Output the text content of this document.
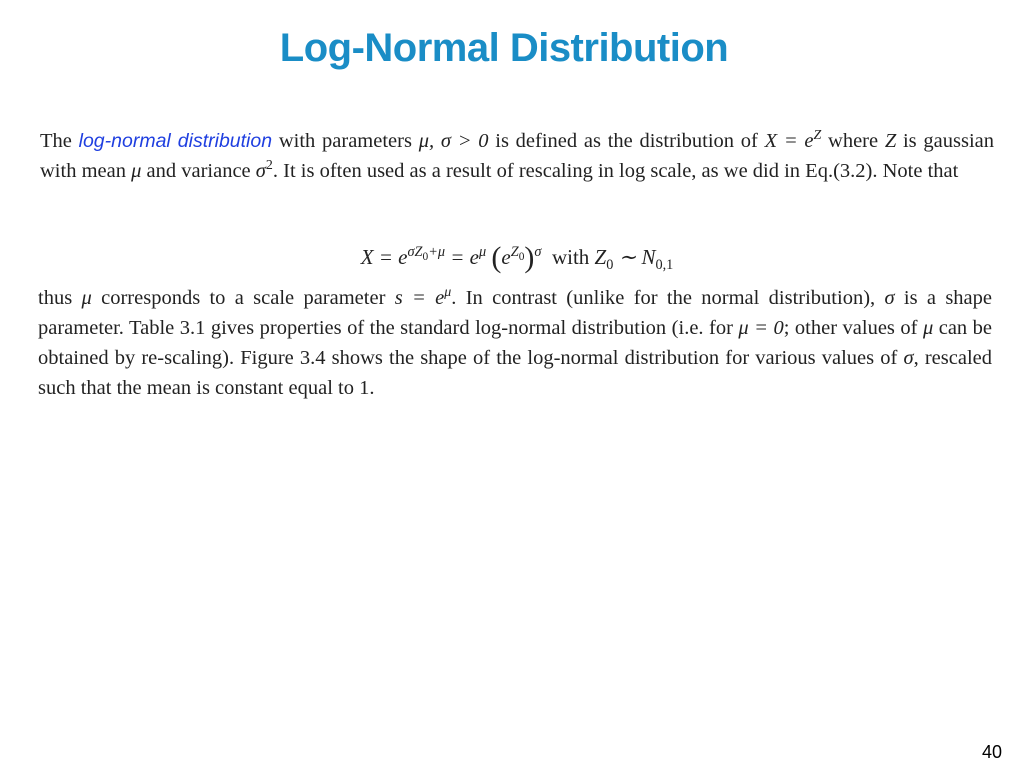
Log-Normal Distribution
The log-normal distribution with parameters μ, σ > 0 is defined as the distribution of $X = e^Z$ where Z is gaussian with mean μ and variance $\sigma^2$. It is often used as a result of rescaling in log scale, as we did in Eq.(3.2). Note that
$X = e^{\sigma Z_0+\mu} = e^\mu$ $(e^{Z_0})^\sigma$ with $Z_0$ ∼ $N_{0,1}$
thus μ corresponds to a scale parameter $s = e^\mu$. In contrast (unlike for the normal distribution), σ is a shape parameter. Table 3.1 gives properties of the standard log-normal distribution (i.e. for μ = 0; other values of μ can be obtained by re-scaling). Figure 3.4 shows the shape of the log-normal distribution for various values of σ, rescaled such that the mean is constant equal to 1.
40
